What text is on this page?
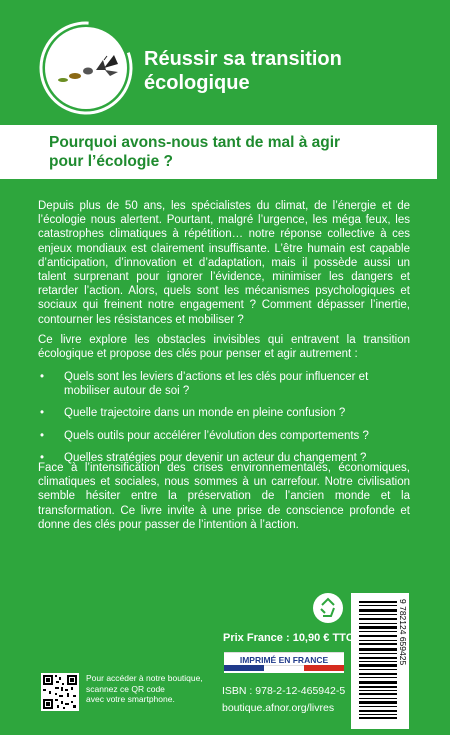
Réussir sa transition
écologique
Pourquoi avons-nous tant de mal à agir
pour l’écologie ?
Depuis plus de 50 ans, les spécialistes du climat, de l’énergie et de l’écologie nous alertent. Pourtant, malgré l’urgence, les méga feux, les catastrophes climatiques à répétition… notre réponse collective à ces enjeux mondiaux est clairement insuffisante. L’être humain est capable d’anticipation, d’innovation et d’adaptation, mais il possède aussi un talent surprenant pour ignorer l’évidence, minimiser les dangers et retarder l’action. Alors, quels sont les mécanismes psychologiques et sociaux qui freinent notre engagement ? Comment dépasser l’inertie, contourner les résistances et mobiliser ?
Ce livre explore les obstacles invisibles qui entravent la transition écologique et propose des clés pour penser et agir autrement :
• Quels sont les leviers d’actions et les clés pour influencer et mobiliser autour de soi ?
• Quelle trajectoire dans un monde en pleine confusion ?
• Quels outils pour accélérer l’évolution des comportements ?
• Quelles stratégies pour devenir un acteur du changement ?
Face à l’intensification des crises environnementales, économiques, climatiques et sociales, nous sommes à un carrefour. Notre civilisation semble hésiter entre la préservation de l’ancien monde et la transformation. Ce livre invite à une prise de conscience profonde et donne des clés pour passer de l’intention à l’action.
9 782124 659425
Prix France : 10,90 € TTC
IMPRIMÉ EN FRANCE
ISBN : 978-2-12-465942-5
boutique.afnor.org/livres
Pour accéder à notre boutique,
scannez ce QR code
avec votre smartphone.
